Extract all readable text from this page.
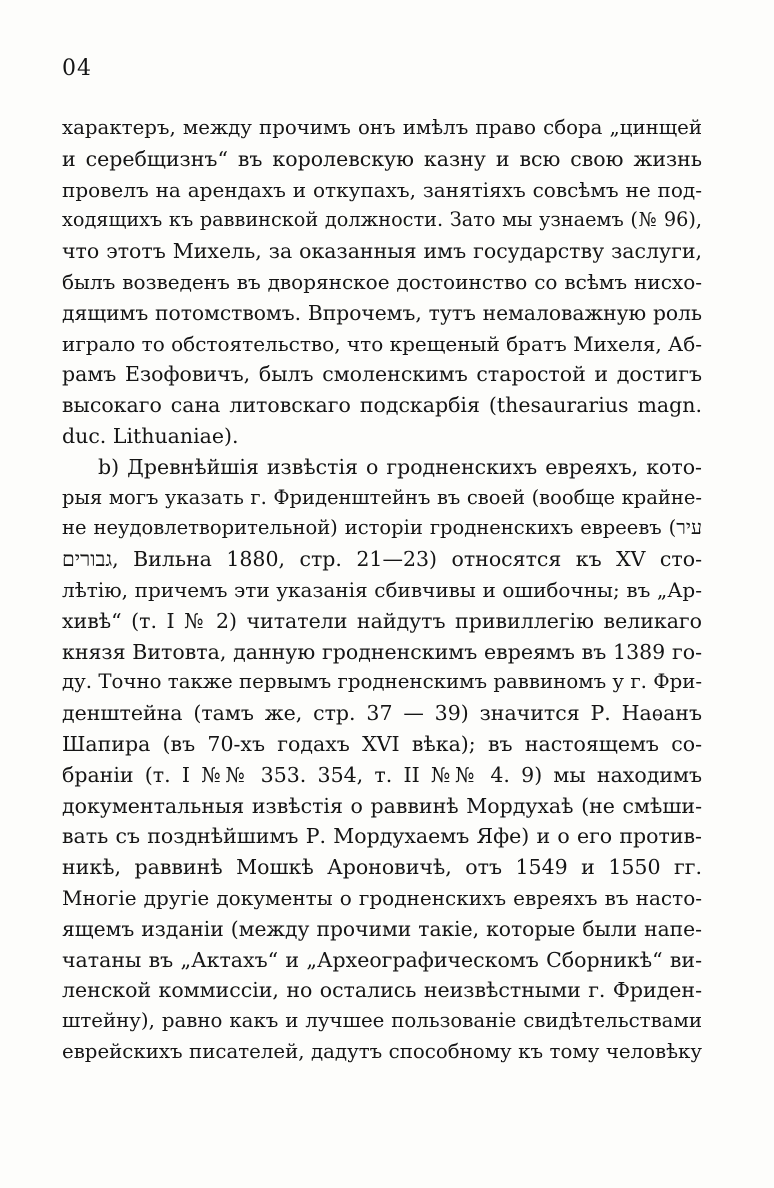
04
характеръ, между прочимъ онъ имѣлъ право сбора „цинщей
и серебщизнъ“ въ королевскую казну и всю свою жизнь
провелъ на арендахъ и откупахъ, занятіяхъ совсѣмъ не под-
ходящихъ къ раввинской должности. Зато мы узнаемъ (№ 96),
что этотъ Михель, за оказанныя имъ государству заслуги,
былъ возведенъ въ дворянское достоинство со всѣмъ нисхо-
дящимъ потомствомъ. Впрочемъ, тутъ немаловажную роль
играло то обстоятельство, что крещеный братъ Михеля, Аб-
рамъ Езофовичъ, былъ смоленскимъ старостой и достигъ
высокаго сана литовскаго подскарбія (thesaurarius magn.
duc. Lithuaniae).
b) Древнѣйшія извѣстія о гродненскихъ евреяхъ, кото-
рыя могъ указать г. Фриденштейнъ въ своей (вообще крайне-
не неудовлетворительной) исторіи гродненскихъ евреевъ (עיר
גבורים, Вильна 1880, стр. 21—23) относятся къ XV сто-
лѣтію, причемъ эти указанія сбивчивы и ошибочны; въ „Ар-
хивѣ“ (т. I № 2) читатели найдутъ привиллегію великаго
князя Витовта, данную гродненскимъ евреямъ въ 1389 го-
ду. Точно также первымъ гродненскимъ раввиномъ у г. Фри-
денштейна (тамъ же, стр. 37 — 39) значится Р. Наѳанъ
Шапира (въ 70-хъ годахъ XVI вѣка); въ настоящемъ со-
браніи (т. I №№ 353. 354, т. II №№ 4. 9) мы находимъ
документальныя извѣстія о раввинѣ Мордухаѣ (не смѣши-
вать съ позднѣйшимъ Р. Мордухаемъ Яфе) и о его против-
никѣ, раввинѣ Мошкѣ Ароновичѣ, отъ 1549 и 1550 гг.
Многіе другіе документы о гродненскихъ евреяхъ въ насто-
ящемъ изданіи (между прочими такіе, которые были напе-
чатаны въ „Актахъ“ и „Археографическомъ Сборникѣ“ ви-
ленской коммиссіи, но остались неизвѣстными г. Фриден-
штейну), равно какъ и лучшее пользованіе свидѣтельствами
еврейскихъ писателей, дадутъ способному къ тому человѣку
